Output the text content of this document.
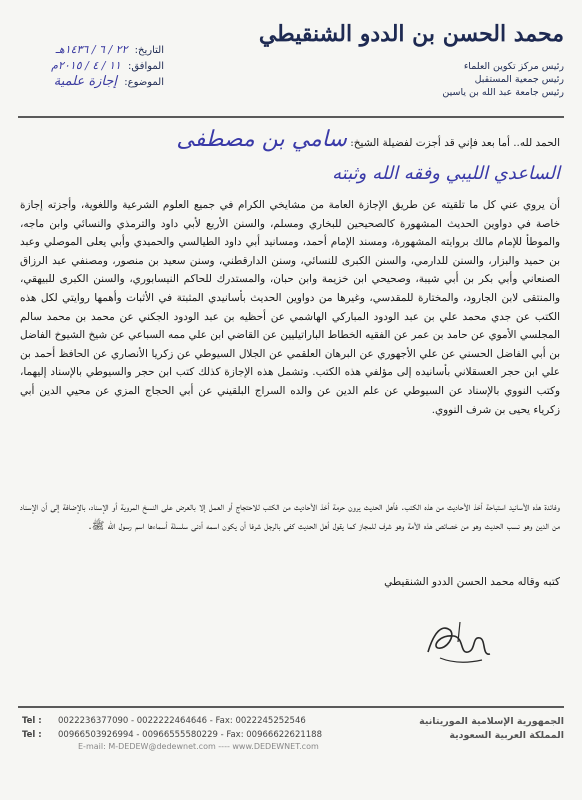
محمد الحسن بن الددو الشنقيطي
رئيس مركز تكوين العلماء
رئيس جمعية المستقبل
رئيس جامعة عبد الله بن ياسين
التاريخ: ٢٢ / ٦ / ١٤٣٦هـ
الموافق: ١١ / ٤ / ٢٠١٥م
الموضوع: إجازة علمية
الحمد لله.. أما بعد فإني قد أجزت لفضيلة الشيخ: سامي بن مصطفى
الساعدي الليبي وفقه الله وثبته
أن يروي عني كل ما تلقيته عن طريق الإجازة العامة من مشايخي الكرام في جميع العلوم الشرعية واللغوية، وأجزته إجازة خاصة في دواوين الحديث المشهورة كالصحيحين للبخاري ومسلم، والسنن الأربع لأبي داود والترمذي والنسائي وابن ماجه، والموطأ للإمام مالك بروايته المشهورة، ومسند الإمام أحمد، ومسانيد أبي داود الطيالسي والحميدي وأبي يعلى الموصلي وعبد بن حميد والبزار، والسنن للدارمي، والسنن الكبرى للنسائي، وسنن الدارقطني، وسنن سعيد بن منصور، ومصنفي عبد الرزاق الصنعاني وأبي بكر بن أبي شيبة، وصحيحي ابن خزيمة وابن حبان، والمستدرك للحاكم النيسابوري، والسنن الكبرى للبيهقي، والمنتقى لابن الجارود، والمختارة للمقدسي، وغيرها من دواوين الحديث بأسانيدي المثبتة في الأثبات وأهمها روايتي لكل هذه الكتب عن جدي محمد علي بن عبد الودود المباركي الهاشمي عن أحظيه بن عبد الودود الجكني عن محمد بن محمد سالم المجلسي الأموي عن حامد بن عمر عن الفقيه الخطاط الباراتيليين عن القاضي ابن علي ممه السباعي عن شيخ الشيوخ الفاضل بن أبي الفاضل الحسني عن علي الأجهوري عن البرهان العلقمي عن الجلال السيوطي عن زكريا الأنصاري عن الحافظ أحمد بن علي ابن حجر العسقلاني بأسانيده إلى مؤلفي هذه الكتب. وتشمل هذه الإجازة كذلك كتب ابن حجر والسيوطي بالإسناد إليهما، وكتب النووي بالإسناد عن السيوطي عن علم الدين عن والده السراج البلقيني عن أبي الحجاج المزي عن محيي الدين أبي زكرياء يحيى بن شرف النووي.
وفائدة هذه الأسانيد استباحة أخذ الأحاديث من هذه الكتب. فأهل الحديث يرون حرمة أخذ الأحاديث من الكتب للاحتجاج أو العمل إلا بالعرض على النسخ المروية أو الإسناد، بالإضافة إلى أن الإسناد من الدين وهو نسب الحديث وهو من خصائص هذه الأمة وهو شرف للمجاز كما يقول أهل الحديث كفى بالرجل شرفا أن يكون اسمه أدنى سلسلة أسماءها اسم رسول الله ﷺ.
كتبه وقاله محمد الحسن الددو الشنقيطي
Tel : 0022236377090 - 0022222464646 - Fax: 0022245252546	الجمهورية الإسلامية الموريتانية
Tel : 00966503926994 - 00966555580229 - Fax: 00966622621188	المملكة العربية السعودية
E-mail: M-DEDEW@dedewnet.com ---- www.DEDEWNET.com
